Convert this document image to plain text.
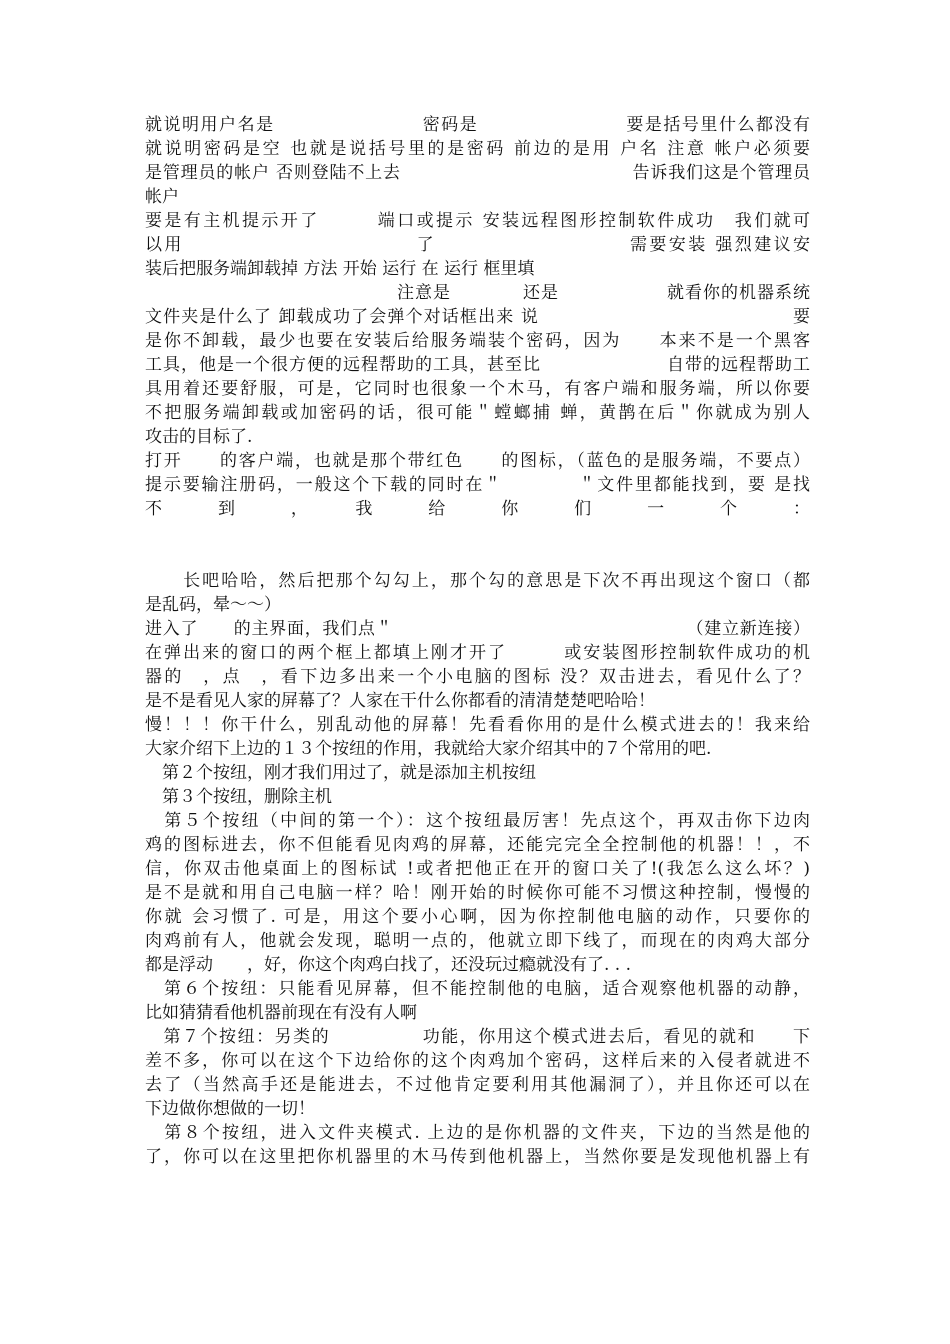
就说明用户名是　　　　　　　　密码是　　　　　　　　要是括号里什么都没有
就说明密码是空 也就是说括号里的是密码 前边的是用 户名 注意 帐户必须要
是管理员的帐户 否则登陆不上去　　　　　　　　　　　　　告诉我们这是个管理员
帐户
要是有主机提示开了　　　端口或提示 安装远程图形控制软件成功　我们就可
以用　　　　　　　　　　　　了　　　　　　　　　　需要安装 强烈建议安
装后把服务端卸载掉 方法 开始 运行 在 运行 框里填
　　　　　　　　　　　　　　注意是　　　　还是　　　　　　就看你的机器系统
文件夹是什么了 卸载成功了会弹个对话框出来 说　　　　　　　　　　　　　　要
是你不卸载，最少也要在安装后给服务端装个密码，因为　　本来不是一个黑客
工具，他是一个很方便的远程帮助的工具，甚至比　　　　　　　自带的远程帮助工
具用着还要舒服，可是，它同时也很象一个木马，有客户端和服务端，所以你要
不把服务端卸载或加密码的话，很可能＂螳螂捕 蝉，黄鹊在后＂你就成为别人
攻击的目标了.
打开　　的客户端，也就是那个带红色　　的图标，（蓝色的是服务端，不要点）
提示要输注册码，一般这个下载的同时在＂　　　　＂文件里都能找到，要 是找
不　　到　　，　　我　　给　　你　　们　　一　　个　　：
　　长吧哈哈，然后把那个勾勾上，那个勾的意思是下次不再出现这个窗口（都
是乱码，晕～～）
进入了　　的主界面，我们点＂　　　　　　　　　　　　　　　　　（建立新连接）
在弹出来的窗口的两个框上都填上刚才开了　　　或安装图形控制软件成功的机
器的　，点　，看下边多出来一个小电脑的图标 没？双击进去，看见什么了？
是不是看见人家的屏幕了？人家在干什么你都看的清清楚楚吧哈哈！
慢！！！你干什么，别乱动他的屏幕！先看看你用的是什么模式进去的！我来给
大家介绍下上边的１３个按纽的作用，我就给大家介绍其中的７个常用的吧.
　第２个按纽，刚才我们用过了，就是添加主机按纽
　第３个按纽，删除主机
　第５个按纽（中间的第一个）：这个按纽最厉害！先点这个，再双击你下边肉
鸡的图标进去，你不但能看见肉鸡的屏幕，还能完完全全控制他的机器！！，不
信，你双击他桌面上的图标试 !或者把他正在开的窗口关了!(我怎么这么坏？)
是不是就和用自己电脑一样？哈！刚开始的时候你可能不习惯这种控制，慢慢的
你就 会习惯了. 可是，用这个要小心啊，因为你控制他电脑的动作，只要你的
肉鸡前有人，他就会发现，聪明一点的，他就立即下线了，而现在的肉鸡大部分
都是浮动　　，好，你这个肉鸡白找了，还没玩过瘾就没有了. . .
　第６个按纽：只能看见屏幕，但不能控制他的电脑，适合观察他机器的动静，
比如猜猜看他机器前现在有没有人啊
　第７个按纽：另类的　　　　　功能，你用这个模式进去后，看见的就和　　下
差不多，你可以在这个下边给你的这个肉鸡加个密码，这样后来的入侵者就进不
去了（当然高手还是能进去，不过他肯定要利用其他漏洞了），并且你还可以在
下边做你想做的一切！
　第８个按纽，进入文件夹模式. 上边的是你机器的文件夹，下边的当然是他的
了，你可以在这里把你机器里的木马传到他机器上，当然你要是发现他机器上有
